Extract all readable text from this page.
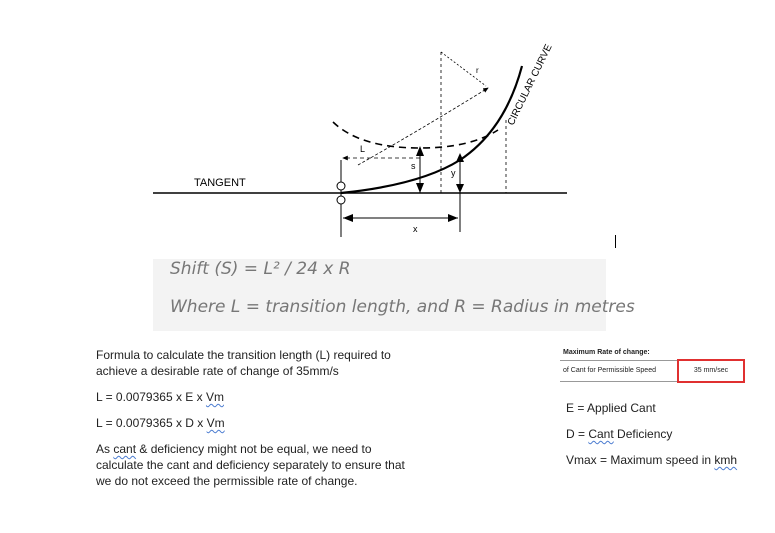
TANGENT
CIRCULAR CURVE
r
L
s
y
x
Shift (S) = L² / 24 x R
Where L = transition length, and R = Radius in metres
Formula to calculate the transition length (L) required to
achieve a desirable rate of change of 35mm/s
L = 0.0079365 x E x Vm
L = 0.0079365 x D x Vm
As cant & deficiency might not be equal, we need to
calculate the cant and deficiency separately to ensure that
we do not exceed the permissible rate of change.
Maximum Rate of change:
of Cant for Permissible Speed	35 mm/sec
E = Applied Cant
D = Cant Deficiency
Vmax = Maximum speed in kmh
